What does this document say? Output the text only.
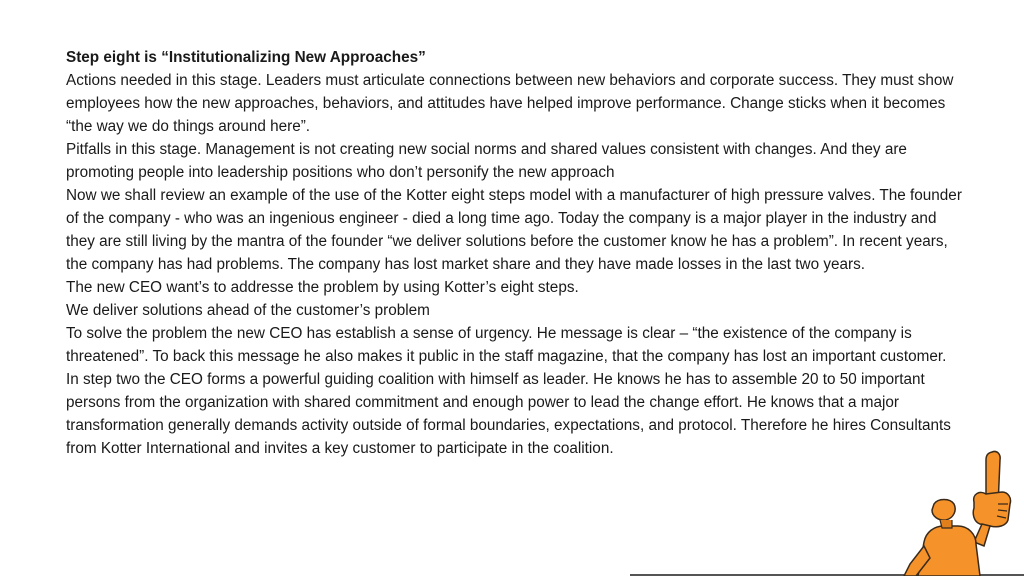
Step eight is “Institutionalizing New Approaches”

Actions needed in this stage. Leaders must articulate connections between new behaviors and corporate success. They must show employees how the new approaches, behaviors, and attitudes have helped improve performance. Change sticks when it becomes “the way we do things around here”.

Pitfalls in this stage. Management is not creating new social norms and shared values consistent with changes. And they are promoting people into leadership positions who don’t personify the new approach

Now we shall review an example of the use of the Kotter eight steps model with a manufacturer of high pressure valves. The founder of the company - who was an ingenious engineer - died a long time ago. Today the company is a major player in the industry and they are still living by the mantra of the founder “we deliver solutions before the customer know he has a problem”. In recent years, the company has had problems. The company has lost market share and they have made losses in the last two years.

The new CEO want’s to addresse the problem by using Kotter’s eight steps.

We deliver solutions ahead of the customer’s problem

To solve the problem the new CEO has establish a sense of urgency. He message is clear – “the existence of the company is threatened”. To back this message he also makes it public in the staff magazine, that the company has lost an important customer.

In step two the CEO forms a powerful guiding coalition with himself as leader. He knows he has to assemble 20 to 50 important persons from the organization with shared commitment and enough power to lead the change effort. He knows that a major transformation generally demands activity outside of formal boundaries, expectations, and protocol. Therefore he hires Consultants from Kotter International and invites a key customer to participate in the coalition.
